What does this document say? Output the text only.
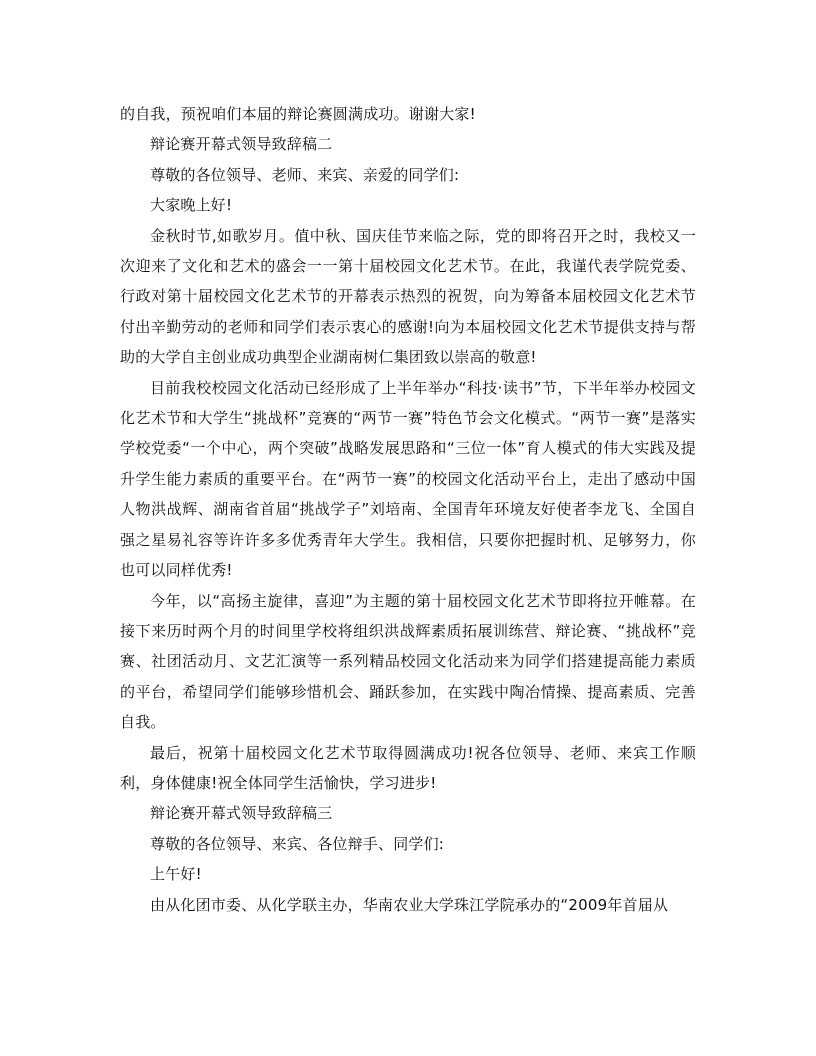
的自我，预祝咱们本届的辩论赛圆满成功。谢谢大家!

辩论赛开幕式领导致辞稿二

尊敬的各位领导、老师、来宾、亲爱的同学们:

大家晚上好!

金秋时节,如歌岁月。值中秋、国庆佳节来临之际，党的即将召开之时，我校又一次迎来了文化和艺术的盛会一一第十届校园文化艺术节。在此，我谨代表学院党委、行政对第十届校园文化艺术节的开幕表示热烈的祝贺，向为筹备本届校园文化艺术节付出辛勤劳动的老师和同学们表示衷心的感谢!向为本届校园文化艺术节提供支持与帮助的大学自主创业成功典型企业湖南树仁集团致以崇高的敬意!

目前我校校园文化活动已经形成了上半年举办“科技·读书”节，下半年举办校园文化艺术节和大学生“挑战杯”竞赛的“两节一赛”特色节会文化模式。“两节一赛”是落实学校党委“一个中心，两个突破”战略发展思路和“三位一体”育人模式的伟大实践及提升学生能力素质的重要平台。在“两节一赛”的校园文化活动平台上，走出了感动中国人物洪战辉、湖南省首届“挑战学子”刘培南、全国青年环境友好使者李龙飞、全国自强之星易礼容等许许多多优秀青年大学生。我相信，只要你把握时机、足够努力，你也可以同样优秀!

今年，以“高扬主旋律，喜迎”为主题的第十届校园文化艺术节即将拉开帷幕。在接下来历时两个月的时间里学校将组织洪战辉素质拓展训练营、辩论赛、“挑战杯”竞赛、社团活动月、文艺汇演等一系列精品校园文化活动来为同学们搭建提高能力素质的平台，希望同学们能够珍惜机会、踊跃参加，在实践中陶冶情操、提高素质、完善自我。

最后，祝第十届校园文化艺术节取得圆满成功!祝各位领导、老师、来宾工作顺利，身体健康!祝全体同学生活愉快，学习进步!

辩论赛开幕式领导致辞稿三

尊敬的各位领导、来宾、各位辩手、同学们:

上午好!

由从化团市委、从化学联主办，华南农业大学珠江学院承办的“2009年首届从
